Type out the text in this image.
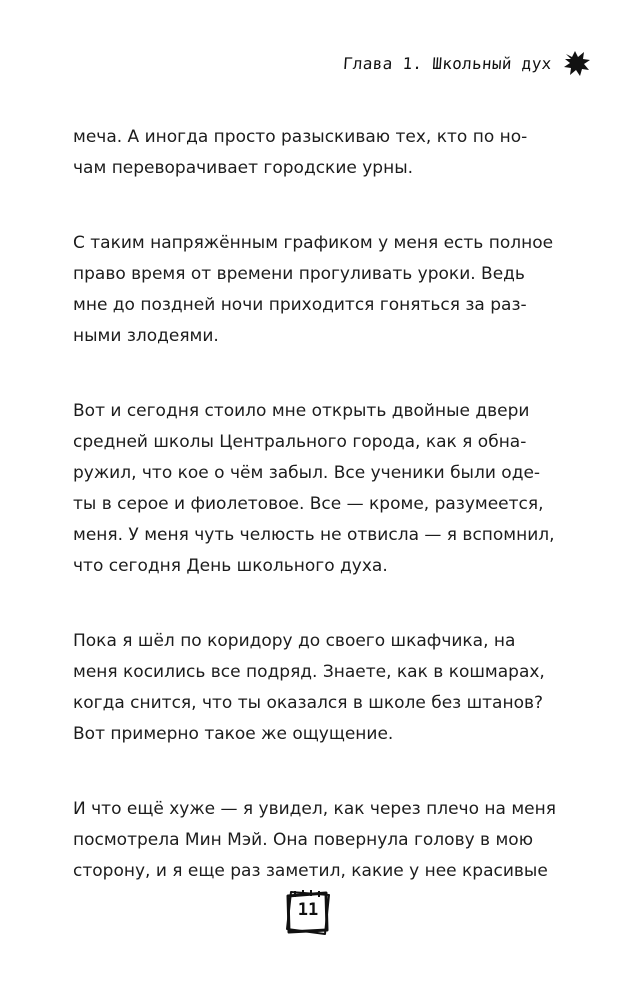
Глава 1. Школьный дух

меча. А иногда просто разыскиваю тех, кто по но-
чам переворачивает городские урны.

С таким напряжённым графиком у меня есть полное
право время от времени прогуливать уроки. Ведь
мне до поздней ночи приходится гоняться за раз-
ными злодеями.

Вот и сегодня стоило мне открыть двойные двери
средней школы Центрального города, как я обна-
ружил, что кое о чём забыл. Все ученики были оде-
ты в серое и фиолетовое. Все — кроме, разумеется,
меня. У меня чуть челюсть не отвисла — я вспомнил,
что сегодня День школьного духа.

Пока я шёл по коридору до своего шкафчика, на
меня косились все подряд. Знаете, как в кошмарах,
когда снится, что ты оказался в школе без штанов?
Вот примерно такое же ощущение.

И что ещё хуже — я увидел, как через плечо на меня
посмотрела Мин Мэй. Она повернула голову в мою
сторону, и я еще раз заметил, какие у нее красивые

11
